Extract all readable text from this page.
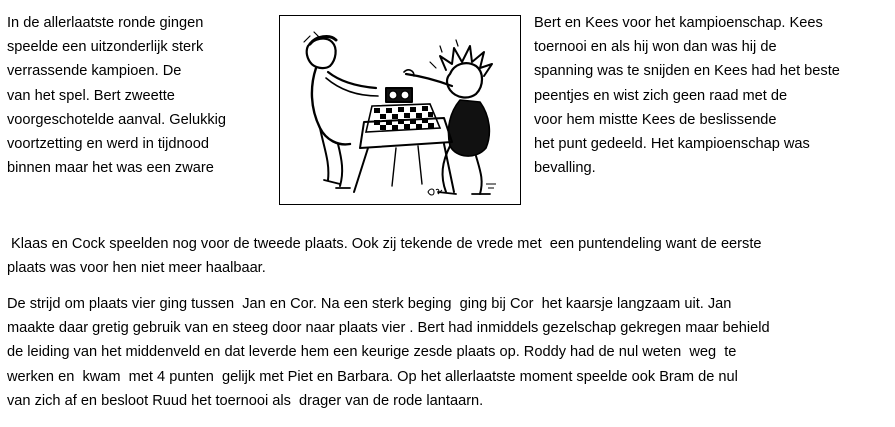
In de allerlaatste ronde gingen
speelde een uitzonderlijk sterk
verrassende kampioen. De
van het spel. Bert zweette
voorgeschotelde aanval. Gelukkig
voortzetting en werd in tijdnood
binnen maar het was een zware
Bert en Kees voor het kampioenschap. Kees
toernooi en als hij won dan was hij de
spanning was te snijden en Kees had het beste
peentjes en wist zich geen raad met de
voor hem mistte Kees de beslissende
het punt gedeeld. Het kampioenschap was
bevalling.

Klaas en Cock speelden nog voor de tweede plaats. Ook zij tekende de vrede met  een puntendeling want de eerste
plaats was voor hen niet meer haalbaar.

De strijd om plaats vier ging tussen  Jan en Cor. Na een sterk beging  ging bij Cor  het kaarsje langzaam uit. Jan
maakte daar gretig gebruik van en steeg door naar plaats vier . Bert had inmiddels gezelschap gekregen maar behield
de leiding van het middenveld en dat leverde hem een keurige zesde plaats op. Roddy had de nul weten  weg  te
werken en  kwam  met 4 punten  gelijk met Piet en Barbara. Op het allerlaatste moment speelde ook Bram de nul
van zich af en besloot Ruud het toernooi als  drager van de rode lantaarn.
